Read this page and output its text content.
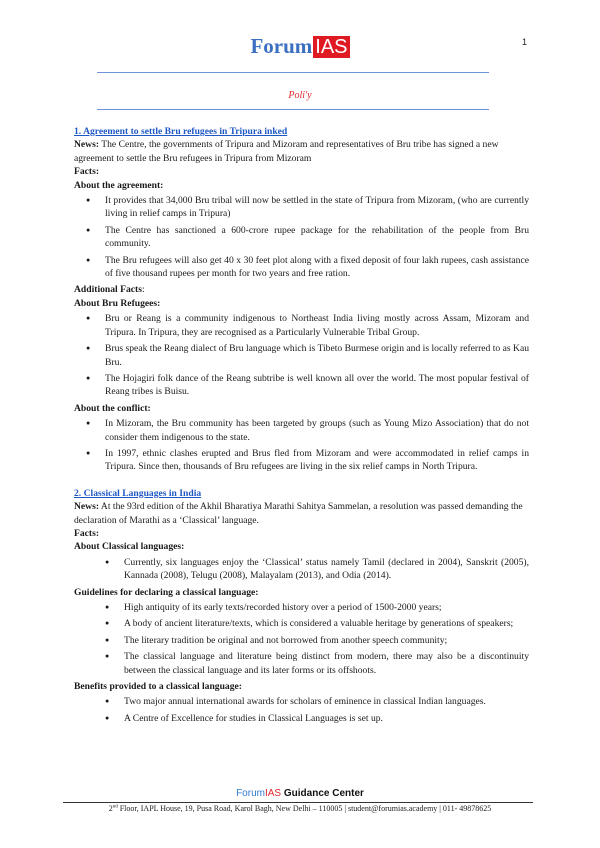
1
Forum IAS
Poli'y

1. Agreement to settle Bru refugees in Tripura inked

News: The Centre, the governments of Tripura and Mizoram and representatives of Bru tribe has signed a new agreement to settle the Bru refugees in Tripura from Mizoram

Facts:

About the agreement:

● It provides that 34,000 Bru tribal will now be settled in the state of Tripura from Mizoram, (who are currently living in relief camps in Tripura)
● The Centre has sanctioned a 600-crore rupee package for the rehabilitation of the people from Bru community.
● The Bru refugees will also get 40 x 30 feet plot along with a fixed deposit of four lakh rupees, cash assistance of five thousand rupees per month for two years and free ration.

Additional Facts:

About Bru Refugees:

● Bru or Reang is a community indigenous to Northeast India living mostly across Assam, Mizoram and Tripura. In Tripura, they are recognised as a Particularly Vulnerable Tribal Group.
● Brus speak the Reang dialect of Bru language which is Tibeto Burmese origin and is locally referred to as Kau Bru.
● The Hojagiri folk dance of the Reang subtribe is well known all over the world. The most popular festival of Reang tribes is Buisu.

About the conflict:

● In Mizoram, the Bru community has been targeted by groups (such as Young Mizo Association) that do not consider them indigenous to the state.
● In 1997, ethnic clashes erupted and Brus fled from Mizoram and were accommodated in relief camps in Tripura. Since then, thousands of Bru refugees are living in the six relief camps in North Tripura.

2. Classical Languages in India

News: At the 93rd edition of the Akhil Bharatiya Marathi Sahitya Sammelan, a resolution was passed demanding the declaration of Marathi as a ‘Classical’ language.

Facts:

About Classical languages:

● Currently, six languages enjoy the ‘Classical’ status namely Tamil (declared in 2004), Sanskrit (2005), Kannada (2008), Telugu (2008), Malayalam (2013), and Odia (2014).

Guidelines for declaring a classical language:

● High antiquity of its early texts/recorded history over a period of 1500-2000 years;
● A body of ancient literature/texts, which is considered a valuable heritage by generations of speakers;
● The literary tradition be original and not borrowed from another speech community;
● The classical language and literature being distinct from modern, there may also be a discontinuity between the classical language and its later forms or its offshoots.

Benefits provided to a classical language:

● Two major annual international awards for scholars of eminence in classical Indian languages.
● A Centre of Excellence for studies in Classical Languages is set up.
ForumIAS Guidance Center
2nd Floor, IAPL House, 19, Pusa Road, Karol Bagh, New Delhi – 110005 | student@forumias.academy | 011- 49878625
